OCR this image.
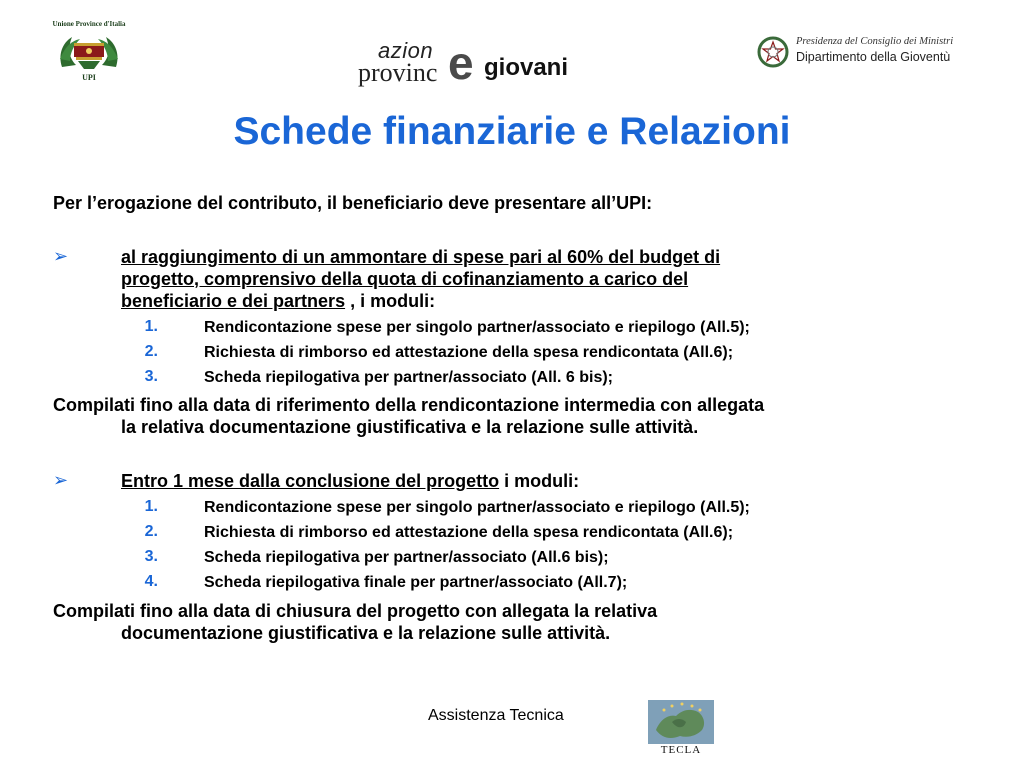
Unione Province d'Italia
UPI
azion
provinc e giovani
Presidenza del Consiglio dei Ministri
Dipartimento della Gioventù
Schede finanziarie e Relazioni
Per l’erogazione del contributo, il beneficiario deve presentare all’UPI:
➢	al raggiungimento di un ammontare di spese pari al 60% del budget di
progetto, comprensivo della quota di cofinanziamento a carico del
beneficiario e dei partners , i moduli:
1.	Rendicontazione spese per singolo partner/associato e riepilogo (All.5);
2.	Richiesta di rimborso ed attestazione della spesa rendicontata (All.6);
3.	Scheda riepilogativa per partner/associato (All. 6 bis);
Compilati fino alla data di riferimento della rendicontazione intermedia con allegata
la relativa documentazione giustificativa e la relazione sulle attività.
➢	Entro 1 mese dalla conclusione del progetto i moduli:
1.	Rendicontazione spese per singolo partner/associato e riepilogo (All.5);
2.	Richiesta di rimborso ed attestazione della spesa rendicontata (All.6);
3.	Scheda riepilogativa per partner/associato (All.6 bis);
4.	Scheda riepilogativa finale per partner/associato (All.7);
Compilati fino alla data di chiusura del progetto con allegata la relativa
documentazione giustificativa e la relazione sulle attività.
Assistenza Tecnica
TECLA
